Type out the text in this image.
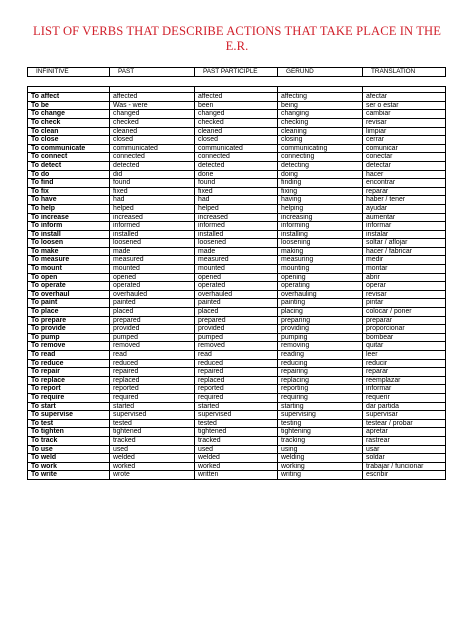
LIST OF VERBS THAT DESCRIBE ACTIONS THAT TAKE PLACE IN THE E.R.
INFINITIVE	PAST	PAST PARTICIPLE	GERUND	TRANSLATION

To affect	affected	affected	affecting	afectar
To be	Was - were	been	being	ser o estar
To change	changed	changed	changing	cambiar
To check	checked	checked	checking	revisar
To clean	cleaned	cleaned	cleaning	limpiar
To close	closed	closed	closing	cerrar
To communicate	communicated	communicated	communicating	comunicar
To connect	connected	connected	connecting	conectar
To detect	detected	detected	detecting	detectar
To do	did	done	doing	hacer
To find	found	found	finding	encontrar
To fix	fixed	fixed	fixing	reparar
To have	had	had	having	haber / tener
To help	helped	helped	helping	ayudar
To increase	increased	increased	increasing	aumentar
To inform	informed	informed	informing	informar
To install	installed	installed	installing	instalar
To loosen	loosened	loosened	loosening	soltar / aflojar
To make	made	made	making	hacer / fabricar
To measure	measured	measured	measuring	medir
To mount	mounted	mounted	mounting	montar
To open	opened	opened	opening	abrir
To operate	operated	operated	operating	operar
To overhaul	overhauled	overhauled	overhauling	revisar
To paint	painted	painted	painting	pintar
To place	placed	placed	placing	colocar / poner
To prepare	prepared	prepared	preparing	preparar
To provide	provided	provided	providing	proporcionar
To pump	pumped	pumped	pumping	bombear
To remove	removed	removed	removing	quitar
To read	read	read	reading	leer
To reduce	reduced	reduced	reducing	reducir
To repair	repaired	repaired	repairing	reparar
To replace	replaced	replaced	replacing	reemplazar
To report	reported	reported	reporting	informar
To require	required	required	requiring	requerir
To start	started	started	starting	dar partida
To supervise	supervised	supervised	supervising	supervisar
To test	tested	tested	testing	testear / probar
To tighten	tightened	tightened	tightening	apretar
To track	tracked	tracked	tracking	rastrear
To use	used	used	using	usar
To weld	welded	welded	welding	soldar
To work	worked	worked	working	trabajar / funcionar
To write	wrote	written	writing	escribir
